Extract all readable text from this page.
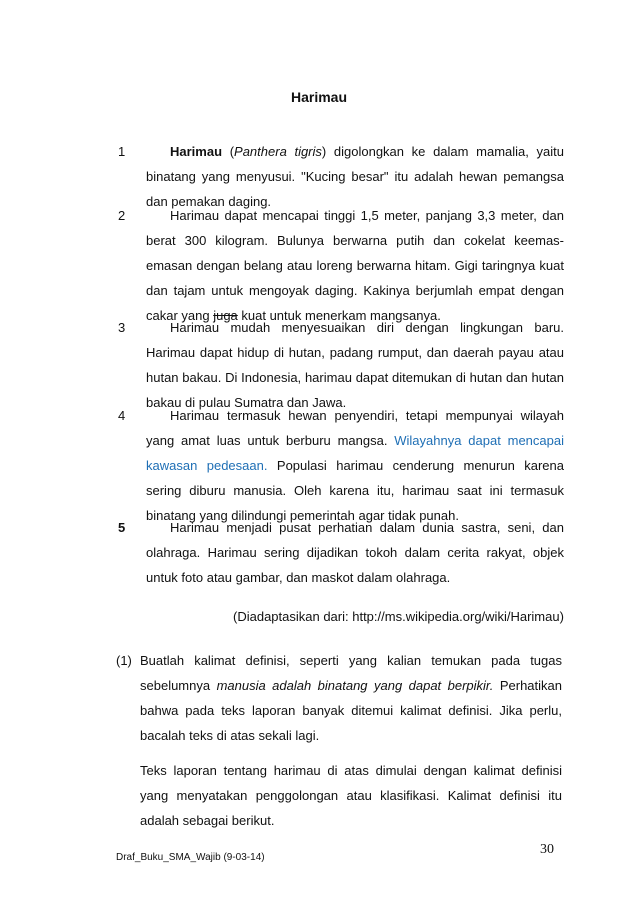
Harimau
1	Harimau (Panthera tigris) digolongkan ke dalam mamalia, yaitu binatang yang menyusui. "Kucing besar" itu adalah hewan pemangsa dan pemakan daging.
2	Harimau dapat mencapai tinggi 1,5 meter, panjang 3,3 meter, dan berat 300 kilogram. Bulunya berwarna putih dan cokelat keemas-emasan dengan belang atau loreng berwarna hitam. Gigi taringnya kuat dan tajam untuk mengoyak daging. Kakinya berjumlah empat dengan cakar yang juga kuat untuk menerkam mangsanya.
3	Harimau mudah menyesuaikan diri dengan lingkungan baru. Harimau dapat hidup di hutan, padang rumput, dan daerah payau atau hutan bakau. Di Indonesia, harimau dapat ditemukan di hutan dan hutan bakau di pulau Sumatra dan Jawa.
4	Harimau termasuk hewan penyendiri, tetapi mempunyai wilayah yang amat luas untuk berburu mangsa. Wilayahnya dapat mencapai kawasan pedesaan. Populasi harimau cenderung menurun karena sering diburu manusia. Oleh karena itu, harimau saat ini termasuk binatang yang dilindungi pemerintah agar tidak punah.
5	Harimau menjadi pusat perhatian dalam dunia sastra, seni, dan olahraga. Harimau sering dijadikan tokoh dalam cerita rakyat, objek untuk foto atau gambar, dan maskot dalam olahraga.
(Diadaptasikan dari: http://ms.wikipedia.org/wiki/Harimau)
(1) Buatlah kalimat definisi, seperti yang kalian temukan pada tugas sebelumnya manusia adalah binatang yang dapat berpikir. Perhatikan bahwa pada teks laporan banyak ditemui kalimat definisi. Jika perlu, bacalah teks di atas sekali lagi.
Teks laporan tentang harimau di atas dimulai dengan kalimat definisi yang menyatakan penggolongan atau klasifikasi. Kalimat definisi itu adalah sebagai berikut.
Draf_Buku_SMA_Wajib (9-03-14)
30
